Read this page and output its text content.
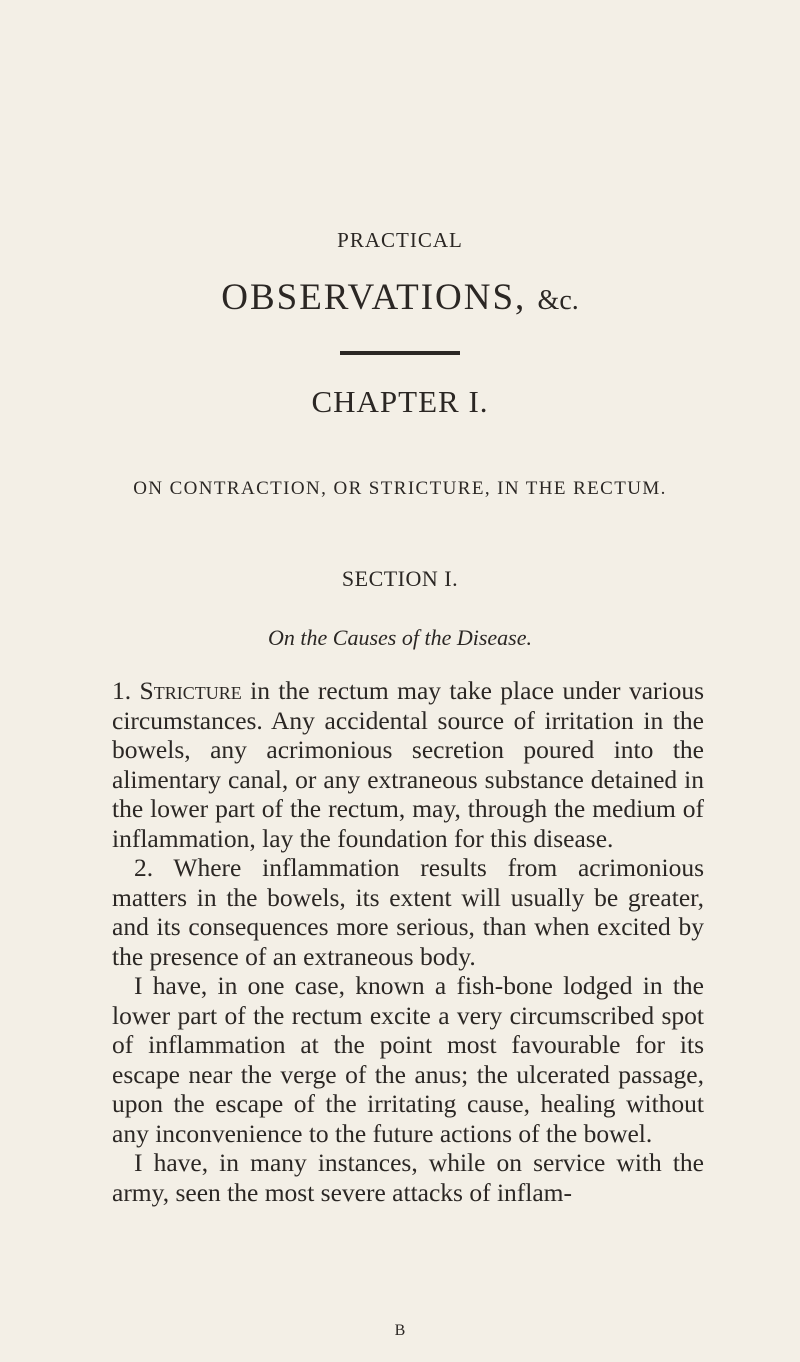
PRACTICAL
OBSERVATIONS, &c.
CHAPTER I.
ON CONTRACTION, OR STRICTURE, IN THE RECTUM.
SECTION I.
On the Causes of the Disease.

1. Stricture in the rectum may take place under various circumstances. Any accidental source of irritation in the bowels, any acrimonious secretion poured into the alimentary canal, or any extraneous substance detained in the lower part of the rectum, may, through the medium of inflammation, lay the foundation for this disease.

2. Where inflammation results from acrimonious matters in the bowels, its extent will usually be greater, and its consequences more serious, than when excited by the presence of an extraneous body.

I have, in one case, known a fish-bone lodged in the lower part of the rectum excite a very circumscribed spot of inflammation at the point most favourable for its escape near the verge of the anus; the ulcerated passage, upon the escape of the irritating cause, healing without any inconvenience to the future actions of the bowel.

I have, in many instances, while on service with the army, seen the most severe attacks of inflam-

B
